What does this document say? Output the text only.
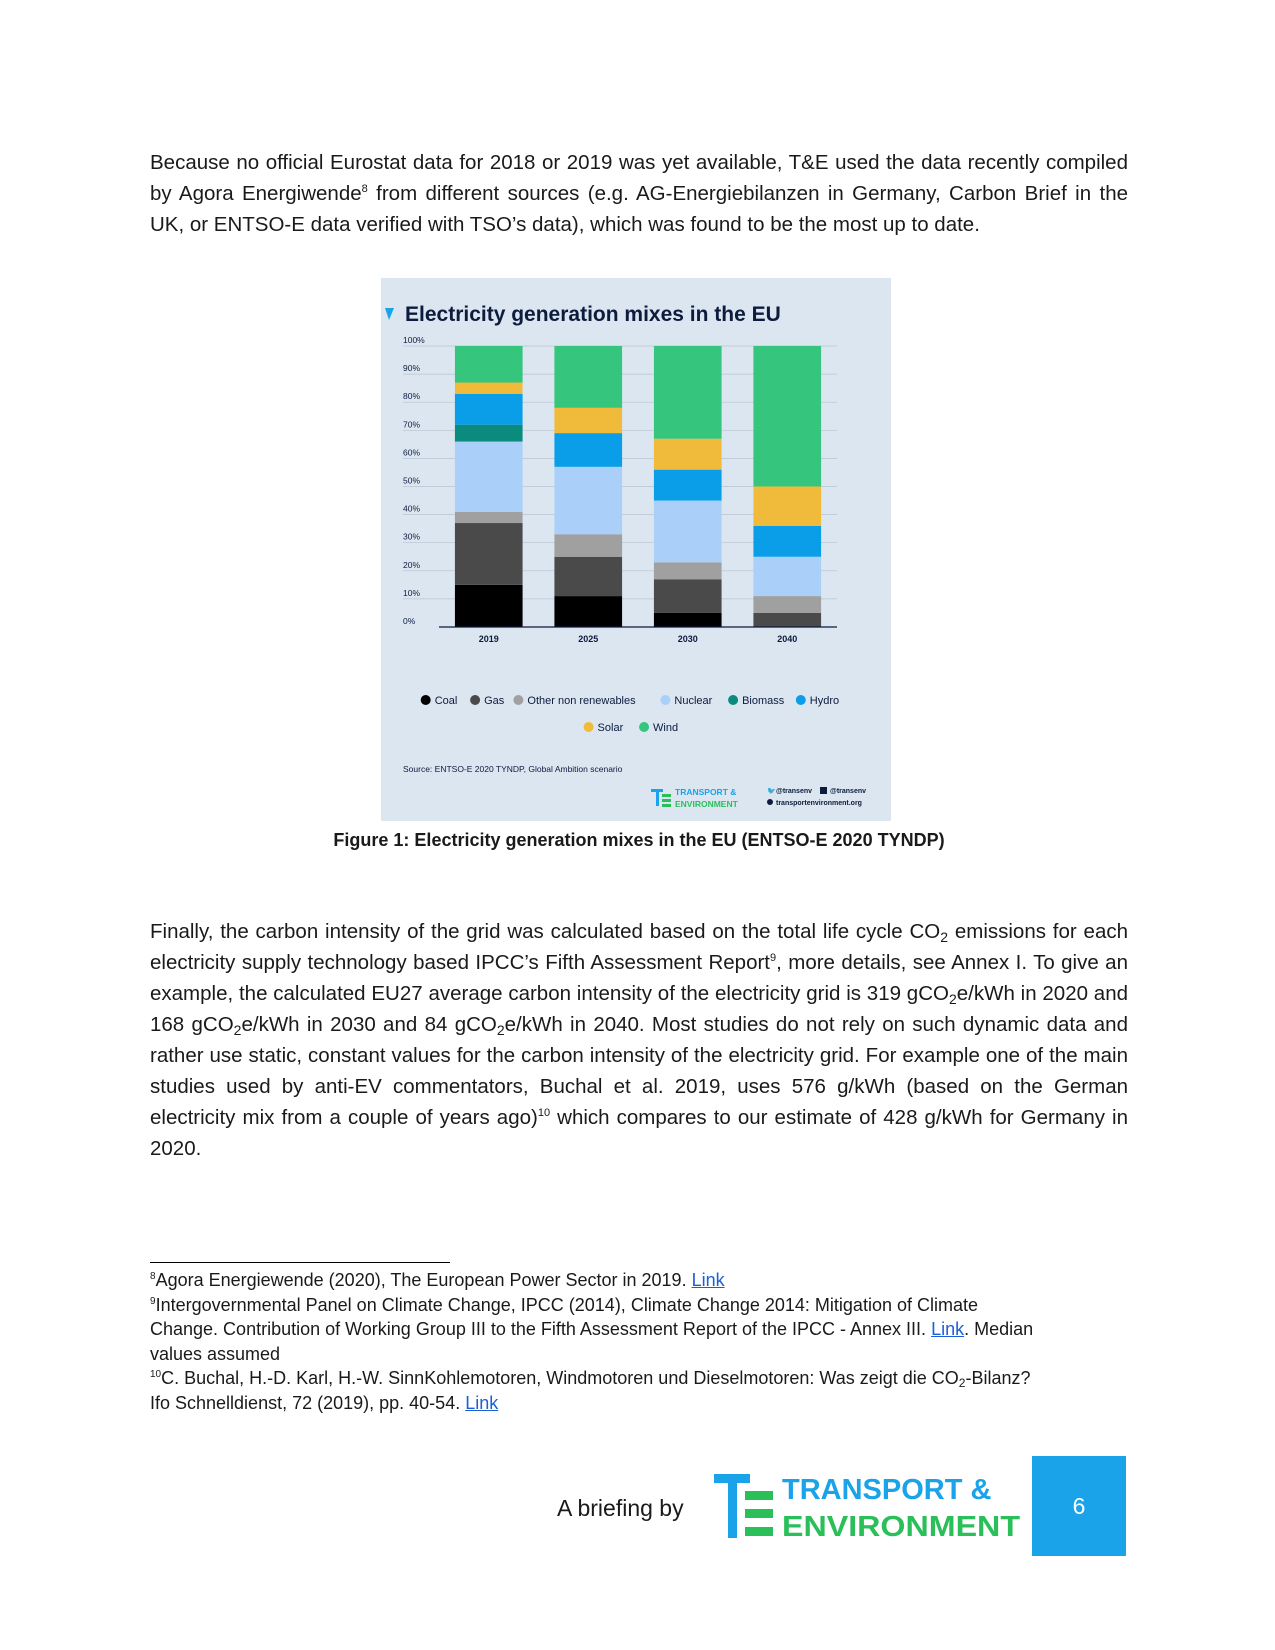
Because no official Eurostat data for 2018 or 2019 was yet available, T&E used the data recently compiled by Agora Energiwende$^8$ from different sources (e.g. AG-Energiebilanzen in Germany, Carbon Brief in the UK, or ENTSO-E data verified with TSO’s data), which was found to be the most up to date.

Electricity generation mixes in the EU
0%
10%
20%
30%
40%
50%
60%
70%
80%
90%
100%
2019	2025	2030	2040
Coal Gas Other non renewables	Nuclear	Biomass Hydro
Solar	Wind
Source: ENTSO-E 2020 TYNDP, Global Ambition scenario
TRANSPORT &
ENVIRONMENT
🐦 @transenv	@transenv
transportenvironment.org
Figure 1: Electricity generation mixes in the EU (ENTSO-E 2020 TYNDP)

Finally, the carbon intensity of the grid was calculated based on the total life cycle $CO_2$ emissions for each electricity supply technology based IPCC’s Fifth Assessment Report$^9$, more details, see Annex I. To give an example, the calculated EU27 average carbon intensity of the electricity grid is 319 gCO$_2$e/kWh in 2020 and 168 gCO$_2$e/kWh in 2030 and 84 gCO$_2$e/kWh in 2040. Most studies do not rely on such dynamic data and rather use static, constant values for the carbon intensity of the electricity grid. For example one of the main studies used by anti-EV commentators, Buchal et al. 2019, uses 576 g/kWh (based on the German electricity mix from a couple of years ago)$^{10}$ which compares to our estimate of 428 g/kWh for Germany in 2020.

$^8$Agora Energiewende (2020), The European Power Sector in 2019. Link

$^9$Intergovernmental Panel on Climate Change, IPCC (2014), Climate Change 2014: Mitigation of Climate Change. Contribution of Working Group III to the Fifth Assessment Report of the IPCC - Annex III. Link. Median values assumed

$^{10}$C. Buchal, H.-D. Karl, H.-W. SinnKohlemotoren, Windmotoren und Dieselmotoren: Was zeigt die $CO_2$-Bilanz? Ifo Schnelldienst, 72 (2019), pp. 40-54. Link

A briefing by
TRANSPORT &
ENVIRONMENT
6
